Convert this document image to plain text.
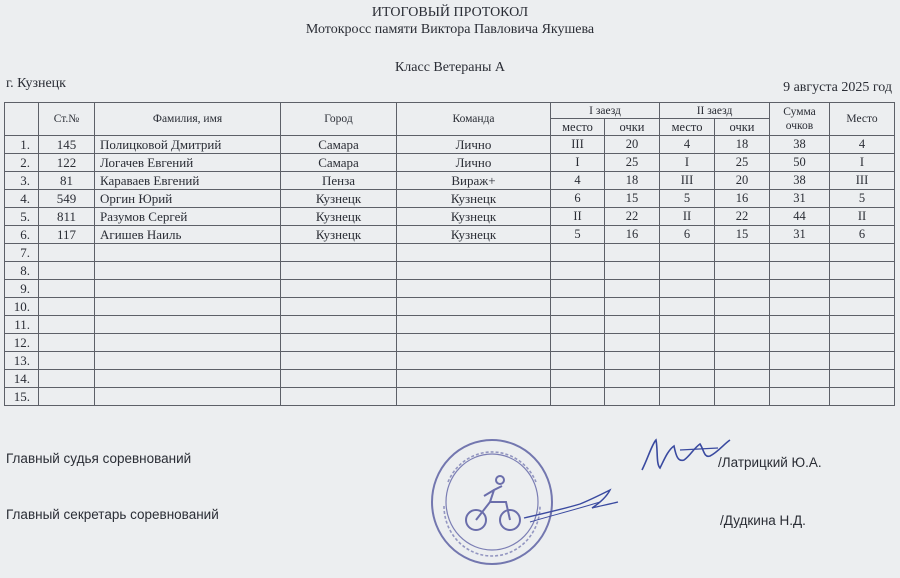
ИТОГОВЫЙ ПРОТОКОЛ
Мотокросс памяти Виктора Павловича Якушева
Класс Ветераны А
г. Кузнецк	9 августа 2025 год
	Ст.№	Фамилия, имя	Город	Команда	I заезд		II заезд		Сумма очков	Место
					место	очки	место	очки		
1.	145	Полицковой Дмитрий	Самара	Лично	III	20	4	18	38	4
2.	122	Логачев Евгений	Самара	Лично	I	25	I	25	50	I
3.	81	Караваев Евгений	Пенза	Вираж+	4	18	III	20	38	III
4.	549	Оргин Юрий	Кузнецк	Кузнецк	6	15	5	16	31	5
5.	811	Разумов Сергей	Кузнецк	Кузнецк	II	22	II	22	44	II
6.	117	Агишев Наиль	Кузнецк	Кузнецк	5	16	6	15	31	6
7.										
8.										
9.										
10.										
11.										
12.										
13.										
14.										
15.										
Главный судья соревнований	/Латрицкий Ю.А.
Главный секретарь соревнований	/Дудкина Н.Д.
